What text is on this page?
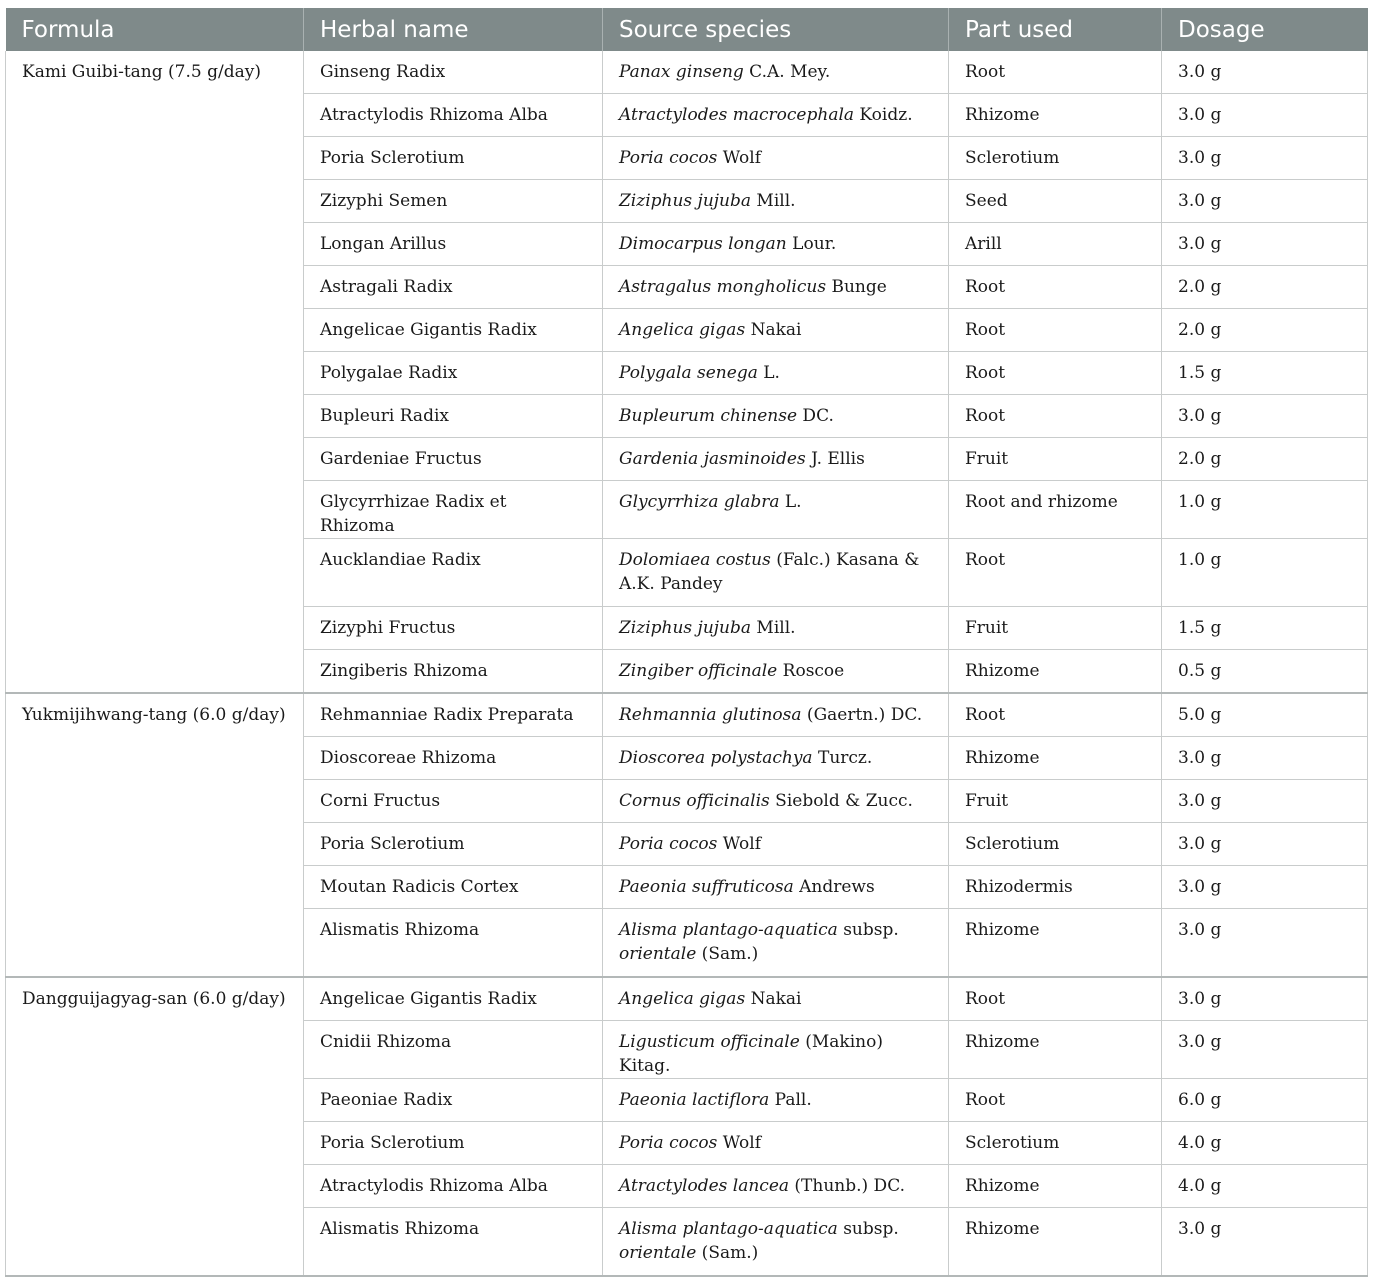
Formula	Herbal name	Source species	Part used	Dosage
Kami Guibi-tang (7.5 g/day)	Ginseng Radix	Panax ginseng C.A. Mey.	Root	3.0 g
	Atractylodis Rhizoma Alba	Atractylodes macrocephala Koidz.	Rhizome	3.0 g
	Poria Sclerotium	Poria cocos Wolf	Sclerotium	3.0 g
	Zizyphi Semen	Ziziphus jujuba Mill.	Seed	3.0 g
	Longan Arillus	Dimocarpus longan Lour.	Arill	3.0 g
	Astragali Radix	Astragalus mongholicus Bunge	Root	2.0 g
	Angelicae Gigantis Radix	Angelica gigas Nakai	Root	2.0 g
	Polygalae Radix	Polygala senega L.	Root	1.5 g
	Bupleuri Radix	Bupleurum chinense DC.	Root	3.0 g
	Gardeniae Fructus	Gardenia jasminoides J. Ellis	Fruit	2.0 g
	Glycyrrhizae Radix et Rhizoma	Glycyrrhiza glabra L.	Root and rhizome	1.0 g
	Aucklandiae Radix	Dolomiaea costus (Falc.) Kasana & A.K. Pandey	Root	1.0 g
	Zizyphi Fructus	Ziziphus jujuba Mill.	Fruit	1.5 g
	Zingiberis Rhizoma	Zingiber officinale Roscoe	Rhizome	0.5 g
Yukmijihwang-tang (6.0 g/day)	Rehmanniae Radix Preparata	Rehmannia glutinosa (Gaertn.) DC.	Root	5.0 g
	Dioscoreae Rhizoma	Dioscorea polystachya Turcz.	Rhizome	3.0 g
	Corni Fructus	Cornus officinalis Siebold & Zucc.	Fruit	3.0 g
	Poria Sclerotium	Poria cocos Wolf	Sclerotium	3.0 g
	Moutan Radicis Cortex	Paeonia suffruticosa Andrews	Rhizodermis	3.0 g
	Alismatis Rhizoma	Alisma plantago-aquatica subsp. orientale (Sam.)	Rhizome	3.0 g
Dangguijagyag-san (6.0 g/day)	Angelicae Gigantis Radix	Angelica gigas Nakai	Root	3.0 g
	Cnidii Rhizoma	Ligusticum officinale (Makino) Kitag.	Rhizome	3.0 g
	Paeoniae Radix	Paeonia lactiflora Pall.	Root	6.0 g
	Poria Sclerotium	Poria cocos Wolf	Sclerotium	4.0 g
	Atractylodis Rhizoma Alba	Atractylodes lancea (Thunb.) DC.	Rhizome	4.0 g
	Alismatis Rhizoma	Alisma plantago-aquatica subsp. orientale (Sam.)	Rhizome	3.0 g
